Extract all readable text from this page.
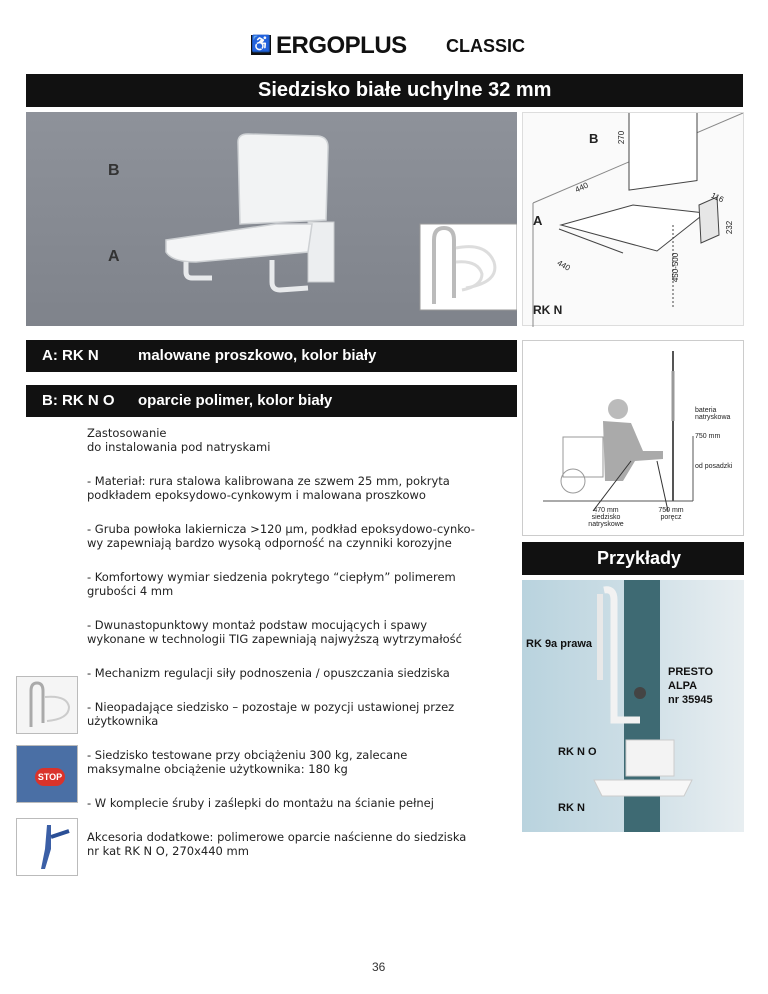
♿ ERGOPLUS CLASSIC
Siedzisko białe uchylne 32 mm
B
A
B
A
270
440
116
232
440	450-500
RK N
A: RK N	malowane proszkowo, kolor biały
B: RK N O oparcie polimer, kolor biały
bateria natryskowa
750 mm
od posadzki
470 mm siedzisko natryskowe
750 mm poręcz
Przykłady
RK 9a prawa
PRESTO
ALPA
nr 35945
RK N O
RK N
Zastosowanie
do instalowania pod natryskami
- Materiał: rura stalowa kalibrowana ze szwem 25 mm, pokryta
podkładem epoksydowo-cynkowym i malowana proszkowo
- Gruba powłoka lakiernicza >120 μm, podkład epoksydowo-cynko-
wy zapewniają bardzo wysoką odporność na czynniki korozyjne
- Komfortowy wymiar siedzenia pokrytego “ciepłym” polimerem
grubości 4 mm
- Dwunastopunktowy montaż podstaw mocujących i spawy
wykonane w technologii TIG zapewniają najwyższą wytrzymałość
- Mechanizm regulacji siły podnoszenia / opuszczania siedziska
- Nieopadające siedzisko – pozostaje w pozycji ustawionej przez
użytkownika
- Siedzisko testowane przy obciążeniu 300 kg, zalecane
maksymalne obciążenie użytkownika: 180 kg
- W komplecie śruby i zaślepki do montażu na ścianie pełnej
Akcesoria dodatkowe: polimerowe oparcie naścienne do siedziska
nr kat RK N O, 270x440 mm
STOP
36
